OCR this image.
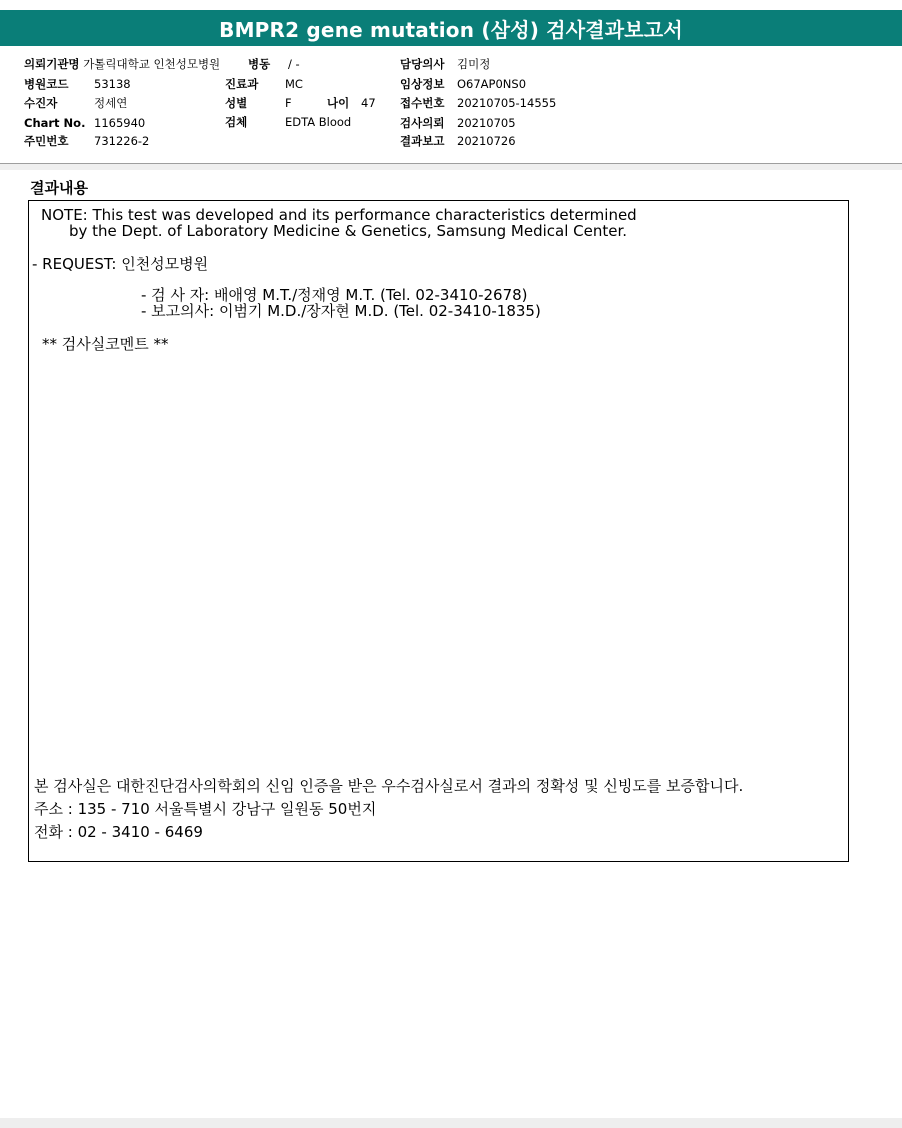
BMPR2 gene mutation (삼성) 검사결과보고서
의뢰기관명 가톨릭대학교 인천성모병원
병원코드 53138
수진자	정세연
Chart No. 1165940
주민번호 731226-2
병동 / -
진료과 MC
성별	F	나이 47
검체	EDTA Blood
담당의사 김미정
임상정보 O67AP0NS0
접수번호 20210705-14555
검사의뢰 20210705
결과보고 20210726
결과내용
NOTE: This test was developed and its performance characteristics determined
by the Dept. of Laboratory Medicine & Genetics, Samsung Medical Center.
- REQUEST: 인천성모병원
- 검 사 자: 배애영 M.T./정재영 M.T. (Tel. 02-3410-2678)
- 보고의사: 이범기 M.D./장자현 M.D. (Tel. 02-3410-1835)
** 검사실코멘트 **
본 검사실은 대한진단검사의학회의 신임 인증을 받은 우수검사실로서 결과의 정확성 및 신빙도를 보증합니다.
주소 : 135 - 710 서울특별시 강남구 일원동 50번지
전화 : 02 - 3410 - 6469
